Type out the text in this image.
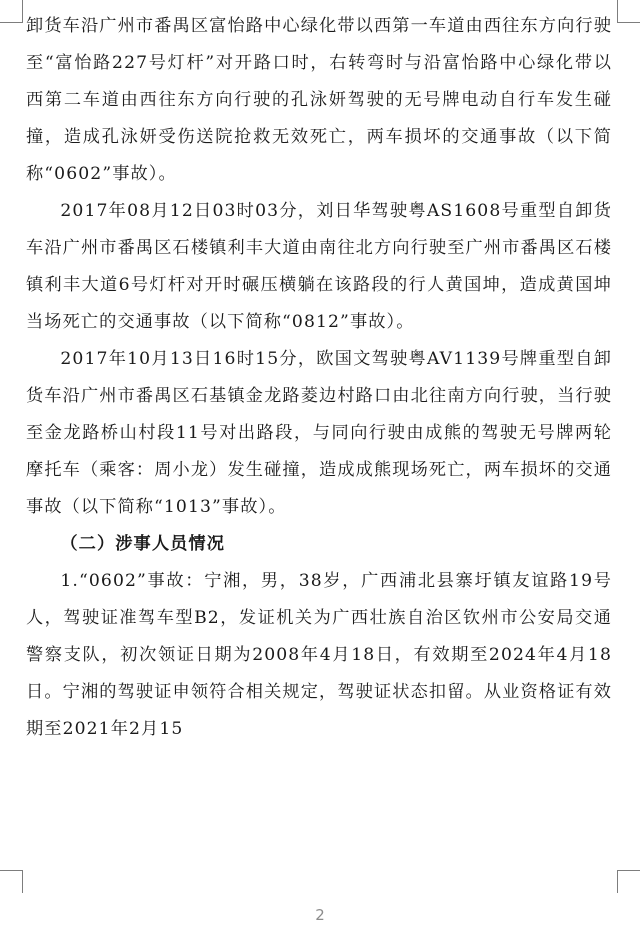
卸货车沿广州市番禺区富怡路中心绿化带以西第一车道由西往东方向行驶至“富怡路227号灯杆”对开路口时，右转弯时与沿富怡路中心绿化带以西第二车道由西往东方向行驶的孔泳妍驾驶的无号牌电动自行车发生碰撞，造成孔泳妍受伤送院抢救无效死亡，两车损坏的交通事故（以下简称“0602”事故）。

2017年08月12日03时03分，刘日华驾驶粤AS1608号重型自卸货车沿广州市番禺区石楼镇利丰大道由南往北方向行驶至广州市番禺区石楼镇利丰大道6号灯杆对开时碾压横躺在该路段的行人黄国坤，造成黄国坤当场死亡的交通事故（以下简称“0812”事故）。

2017年10月13日16时15分，欧国文驾驶粤AV1139号牌重型自卸货车沿广州市番禺区石基镇金龙路菱边村路口由北往南方向行驶，当行驶至金龙路桥山村段11号对出路段，与同向行驶由成熊的驾驶无号牌两轮摩托车（乘客：周小龙）发生碰撞，造成成熊现场死亡，两车损坏的交通事故（以下简称“1013”事故）。

（二）涉事人员情况

1.“0602”事故：宁湘，男，38岁，广西浦北县寨圩镇友谊路19号人，驾驶证准驾车型B2，发证机关为广西壮族自治区钦州市公安局交通警察支队，初次领证日期为2008年4月18日，有效期至2024年4月18日。宁湘的驾驶证申领符合相关规定，驾驶证状态扣留。从业资格证有效期至2021年2月15

2
